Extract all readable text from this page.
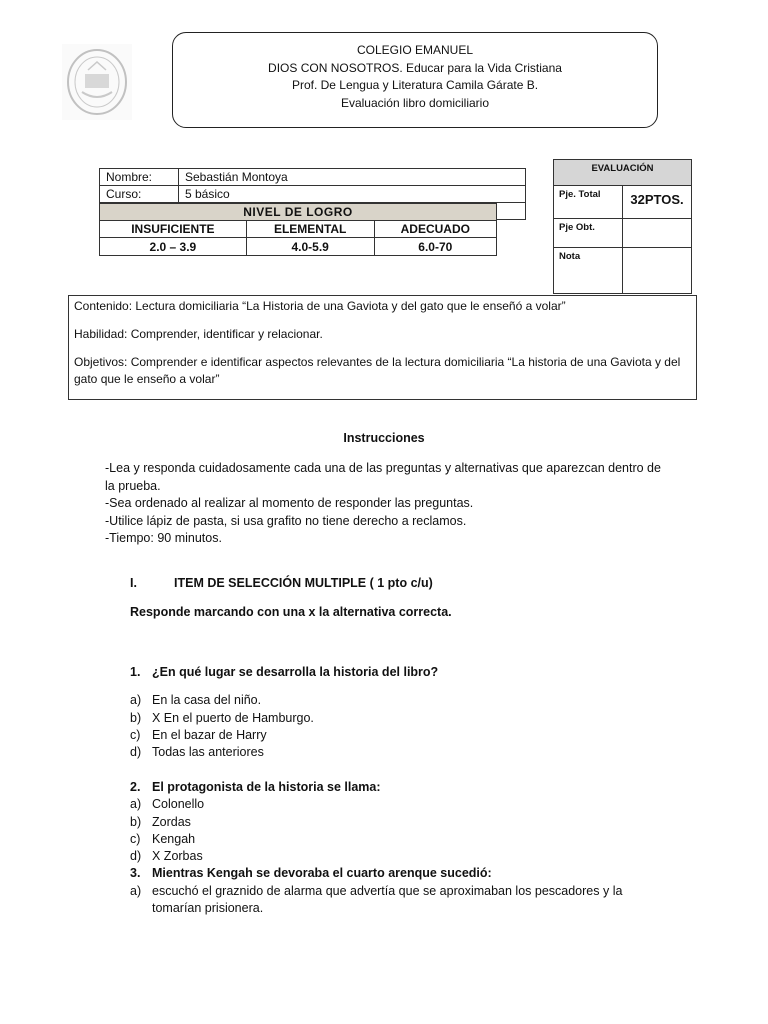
COLEGIO EMANUEL
DIOS CON NOSOTROS. Educar para la Vida Cristiana
Prof. De Lengua y Literatura Camila Gárate B.
Evaluación libro domiciliario
Nombre:	Sebastián Montoya
Curso:	5 básico

NIVEL DE LOGRO		
INSUFICIENTE	ELEMENTAL	ADECUADO
2.0 – 3.9	4.0-5.9	6.0-70
EVALUACIÓN	
Pje. Total	32PTOS.
Pje Obt.	
Nota	

Contenido: Lectura domiciliaria “La Historia de una Gaviota y del gato que le enseñó a volar”

Habilidad: Comprender, identificar y relacionar.

Objetivos: Comprender e identificar aspectos relevantes de la lectura domiciliaria “La historia de una Gaviota y del gato que le enseño a volar”

Instrucciones
-Lea y responda cuidadosamente cada una de las preguntas y alternativas que aparezcan dentro de la prueba.
-Sea ordenado al realizar al momento de responder las preguntas.
-Utilice lápiz de pasta, si usa grafito no tiene derecho a reclamos.
-Tiempo: 90 minutos.
I.	ITEM DE SELECCIÓN MULTIPLE ( 1 pto c/u)
Responde marcando con una x la alternativa correcta.
1. ¿En qué lugar se desarrolla la historia del libro?
a) En la casa del niño.
b) X En el puerto de Hamburgo.
c) En el bazar de Harry
d) Todas las anteriores
2. El protagonista de la historia se llama:
a) Colonello
b) Zordas
c) Kengah
d) X Zorbas
3. Mientras Kengah se devoraba el cuarto arenque sucedió:
a) escuchó el graznido de alarma que advertía que se aproximaban los pescadores y la tomarían prisionera.
